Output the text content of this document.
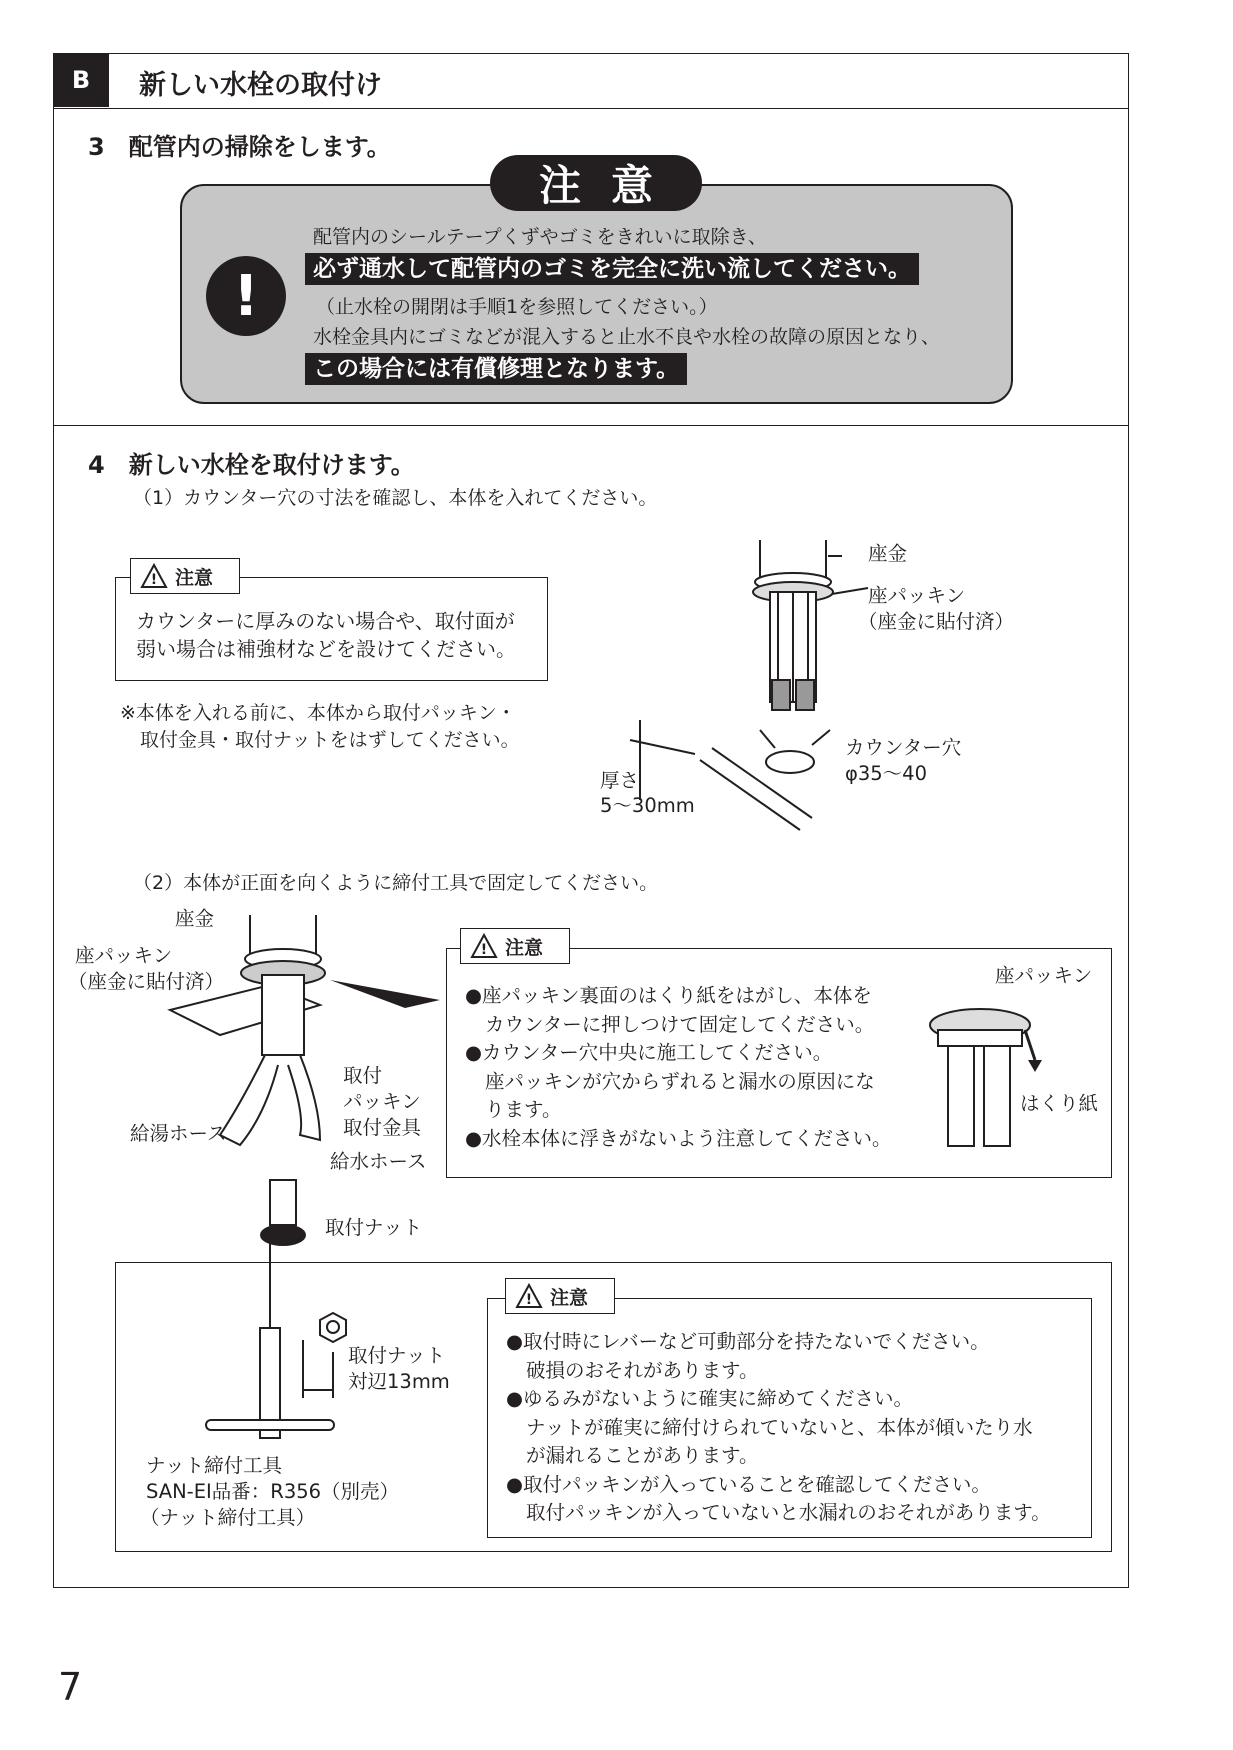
B	新しい水栓の取付け
3　配管内の掃除をします。
注意
!
配管内のシールテープくずやゴミをきれいに取除き、
必ず通水して配管内のゴミを完全に洗い流してください。
（止水栓の開閉は手順1を参照してください。）
水栓金具内にゴミなどが混入すると止水不良や水栓の故障の原因となり、
この場合には有償修理となります。
4　新しい水栓を取付けます。
（1）カウンター穴の寸法を確認し、本体を入れてください。
! 注意
カウンターに厚みのない場合や、取付面が
弱い場合は補強材などを設けてください。
※本体を入れる前に、本体から取付パッキン・
取付金具・取付ナットをはずしてください。
座金
座パッキン
（座金に貼付済）
カウンター穴
φ35〜40
厚さ
5〜30mm
（2）本体が正面を向くように締付工具で固定してください。
座金
座パッキン
（座金に貼付済）
取付
パッキン
取付金具
給湯ホース
給水ホース
取付ナット
! 注意
●座パッキン裏面のはくり紙をはがし、本体を
カウンターに押しつけて固定してください。
●カウンター穴中央に施工してください。
座パッキンが穴からずれると漏水の原因にな
ります。
●水栓本体に浮きがないよう注意してください。
座パッキン
はくり紙
取付ナット
対辺13mm
ナット締付工具
SAN-EI品番：R356（別売）
（ナット締付工具）
! 注意
●取付時にレバーなど可動部分を持たないでください。
破損のおそれがあります。
●ゆるみがないように確実に締めてください。
ナットが確実に締付けられていないと、本体が傾いたり水
が漏れることがあります。
●取付パッキンが入っていることを確認してください。
取付パッキンが入っていないと水漏れのおそれがあります。
7
